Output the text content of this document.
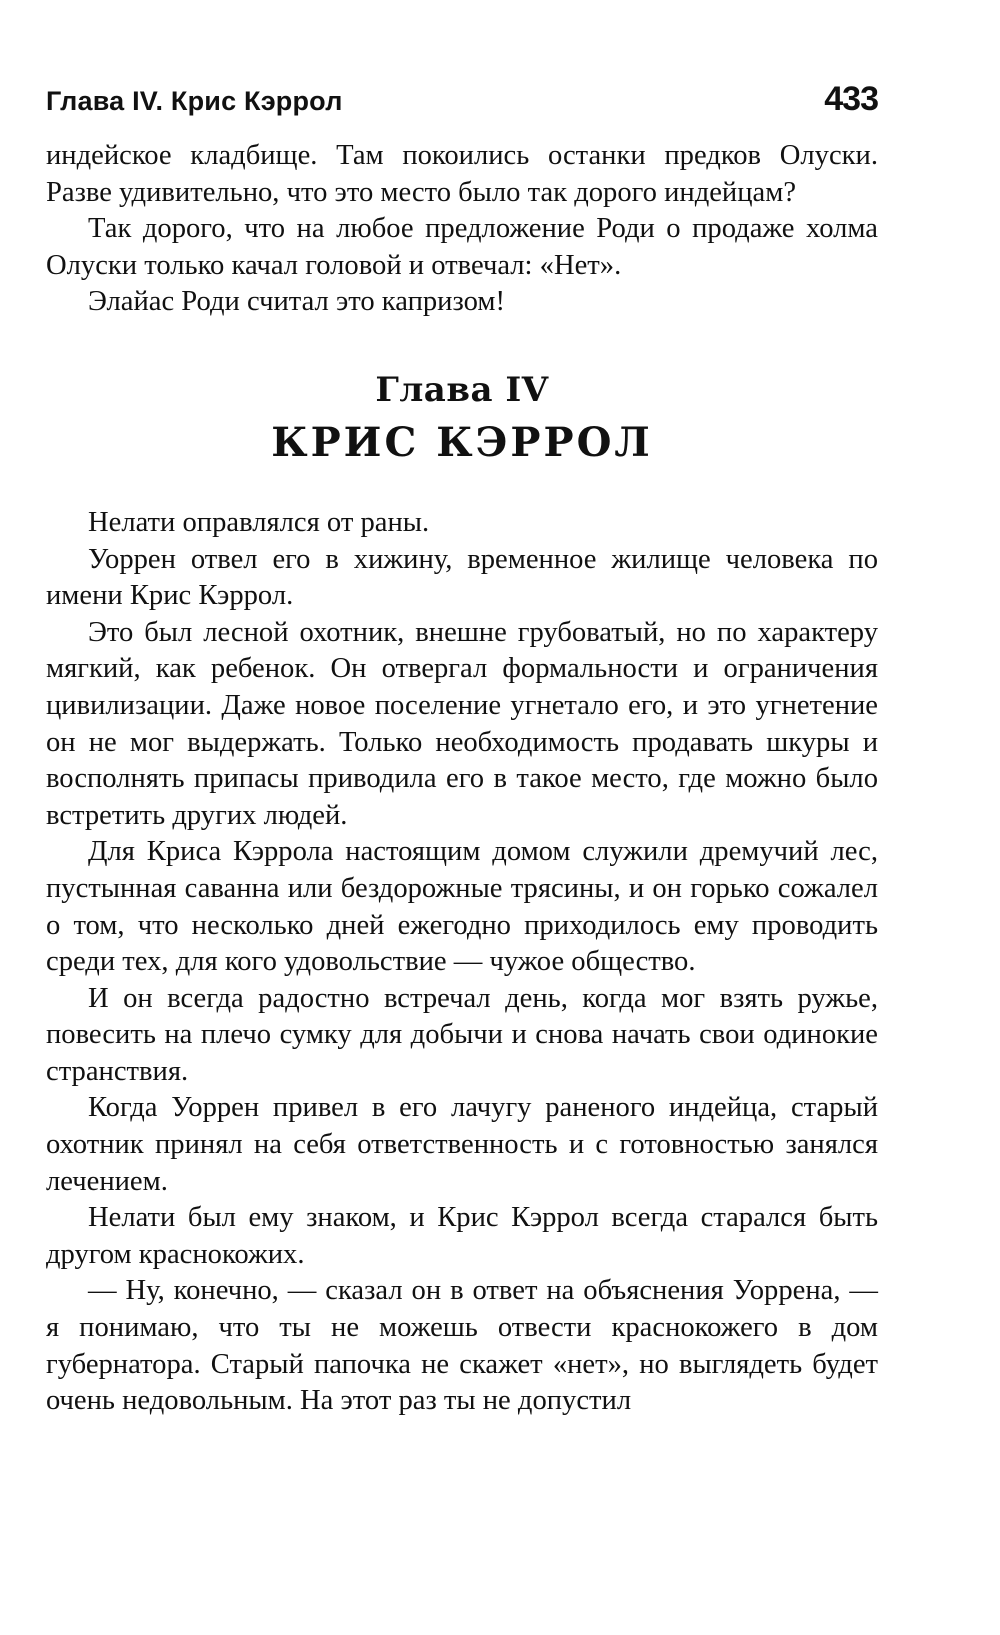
Глава IV. Крис Кэррол	433

индейское кладбище. Там покоились останки предков Олуски. Разве удивительно, что это место было так дорого индейцам?

Так дорого, что на любое предложение Роди о продаже холма Олуски только качал головой и отвечал: «Нет».

Элайас Роди считал это капризом!

Глава IV
КРИС КЭРРОЛ

Нелати оправлялся от раны.

Уоррен отвел его в хижину, временное жилище человека по имени Крис Кэррол.

Это был лесной охотник, внешне грубоватый, но по характеру мягкий, как ребенок. Он отвергал формальности и ограничения цивилизации. Даже новое поселение угнетало его, и это угнетение он не мог выдержать. Только необходимость продавать шкуры и восполнять припасы приводила его в такое место, где можно было встретить других людей.

Для Криса Кэррола настоящим домом служили дремучий лес, пустынная саванна или бездорожные трясины, и он горько сожалел о том, что несколько дней ежегодно приходилось ему проводить среди тех, для кого удовольствие — чужое общество.

И он всегда радостно встречал день, когда мог взять ружье, повесить на плечо сумку для добычи и снова начать свои одинокие странствия.

Когда Уоррен привел в его лачугу раненого индейца, старый охотник принял на себя ответственность и с готовностью занялся лечением.

Нелати был ему знаком, и Крис Кэррол всегда старался быть другом краснокожих.

— Ну, конечно, — сказал он в ответ на объяснения Уоррена, — я понимаю, что ты не можешь отвести краснокожего в дом губернатора. Старый папочка не скажет «нет», но выглядеть будет очень недовольным. На этот раз ты не допустил
